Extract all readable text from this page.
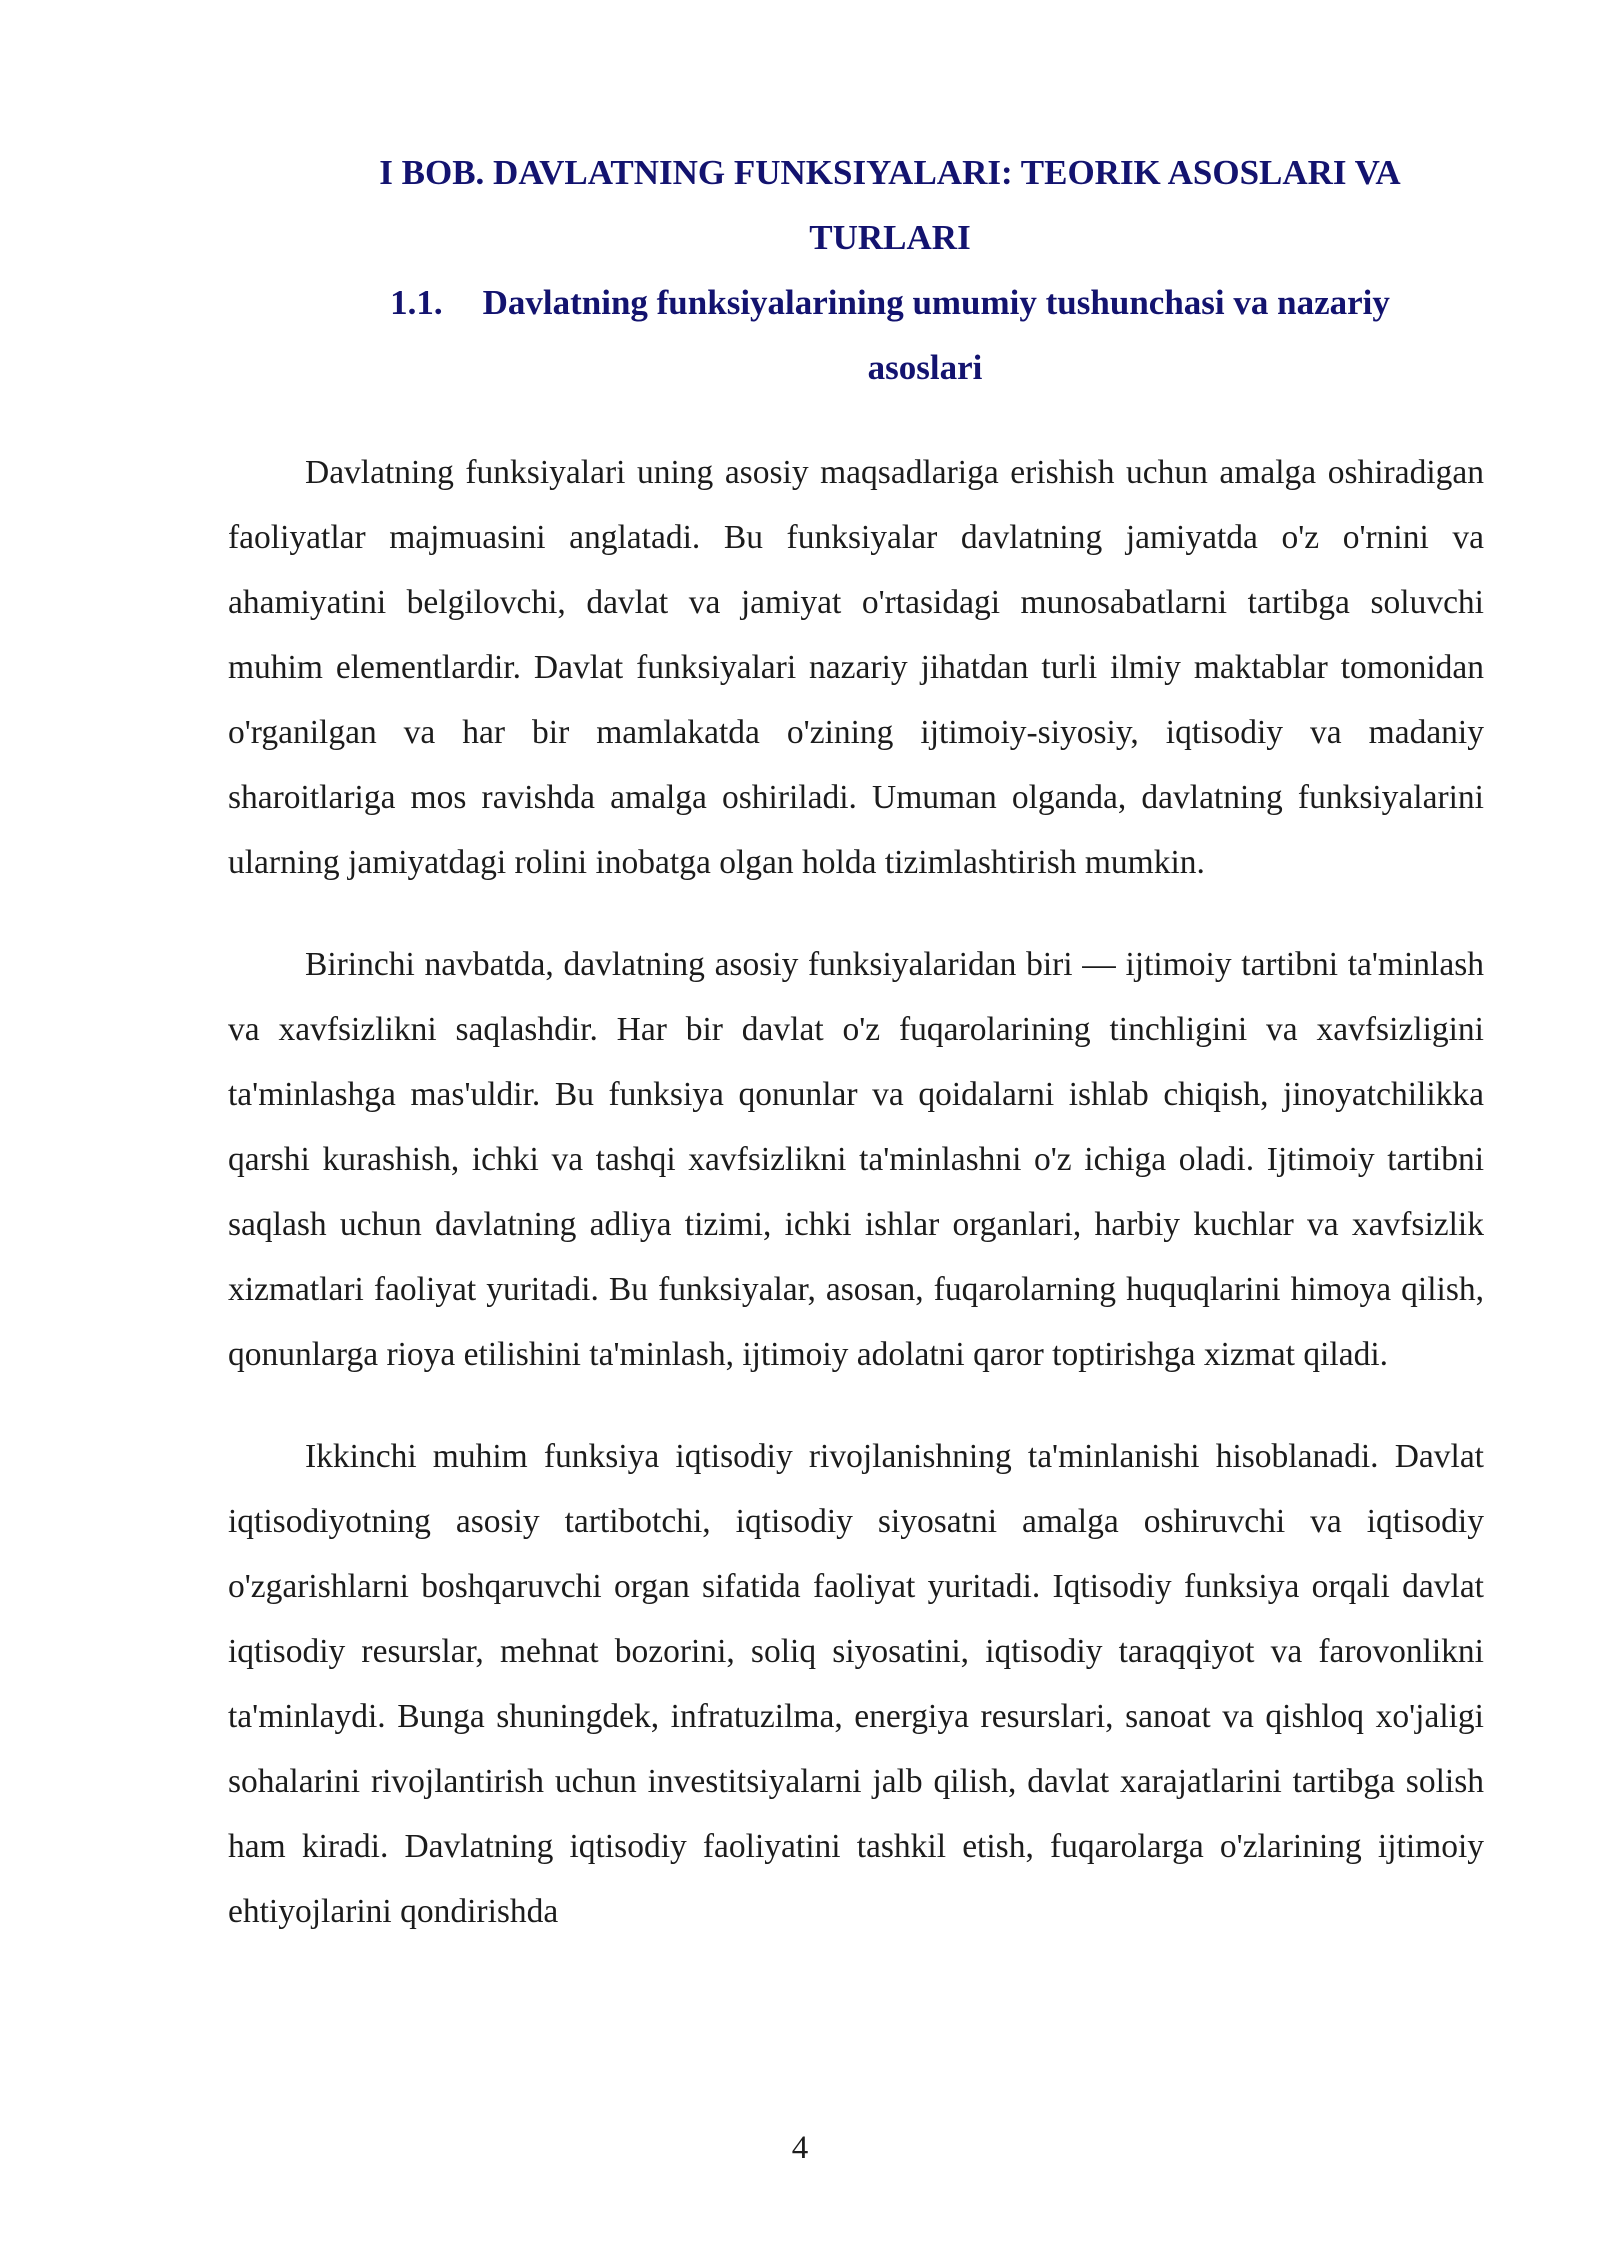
I BOB. DAVLATNING FUNKSIYALARI: TEORIK ASOSLARI VA
TURLARI
1.1. Davlatning funksiyalarining umumiy tushunchasi va nazariy
asoslari

Davlatning funksiyalari uning asosiy maqsadlariga erishish uchun amalga oshiradigan faoliyatlar majmuasini anglatadi. Bu funksiyalar davlatning jamiyatda o'z o'rnini va ahamiyatini belgilovchi, davlat va jamiyat o'rtasidagi munosabatlarni tartibga soluvchi muhim elementlardir. Davlat funksiyalari nazariy jihatdan turli ilmiy maktablar tomonidan o'rganilgan va har bir mamlakatda o'zining ijtimoiy-siyosiy, iqtisodiy va madaniy sharoitlariga mos ravishda amalga oshiriladi. Umuman olganda, davlatning funksiyalarini ularning jamiyatdagi rolini inobatga olgan holda tizimlashtirish mumkin.

Birinchi navbatda, davlatning asosiy funksiyalaridan biri — ijtimoiy tartibni ta'minlash va xavfsizlikni saqlashdir. Har bir davlat o'z fuqarolarining tinchligini va xavfsizligini ta'minlashga mas'uldir. Bu funksiya qonunlar va qoidalarni ishlab chiqish, jinoyatchilikka qarshi kurashish, ichki va tashqi xavfsizlikni ta'minlashni o'z ichiga oladi. Ijtimoiy tartibni saqlash uchun davlatning adliya tizimi, ichki ishlar organlari, harbiy kuchlar va xavfsizlik xizmatlari faoliyat yuritadi. Bu funksiyalar, asosan, fuqarolarning huquqlarini himoya qilish, qonunlarga rioya etilishini ta'minlash, ijtimoiy adolatni qaror toptirishga xizmat qiladi.

Ikkinchi muhim funksiya iqtisodiy rivojlanishning ta'minlanishi hisoblanadi. Davlat iqtisodiyotning asosiy tartibotchi, iqtisodiy siyosatni amalga oshiruvchi va iqtisodiy o'zgarishlarni boshqaruvchi organ sifatida faoliyat yuritadi. Iqtisodiy funksiya orqali davlat iqtisodiy resurslar, mehnat bozorini, soliq siyosatini, iqtisodiy taraqqiyot va farovonlikni ta'minlaydi. Bunga shuningdek, infratuzilma, energiya resurslari, sanoat va qishloq xo'jaligi sohalarini rivojlantirish uchun investitsiyalarni jalb qilish, davlat xarajatlarini tartibga solish ham kiradi. Davlatning iqtisodiy faoliyatini tashkil etish, fuqarolarga o'zlarining ijtimoiy ehtiyojlarini qondirishda

4
